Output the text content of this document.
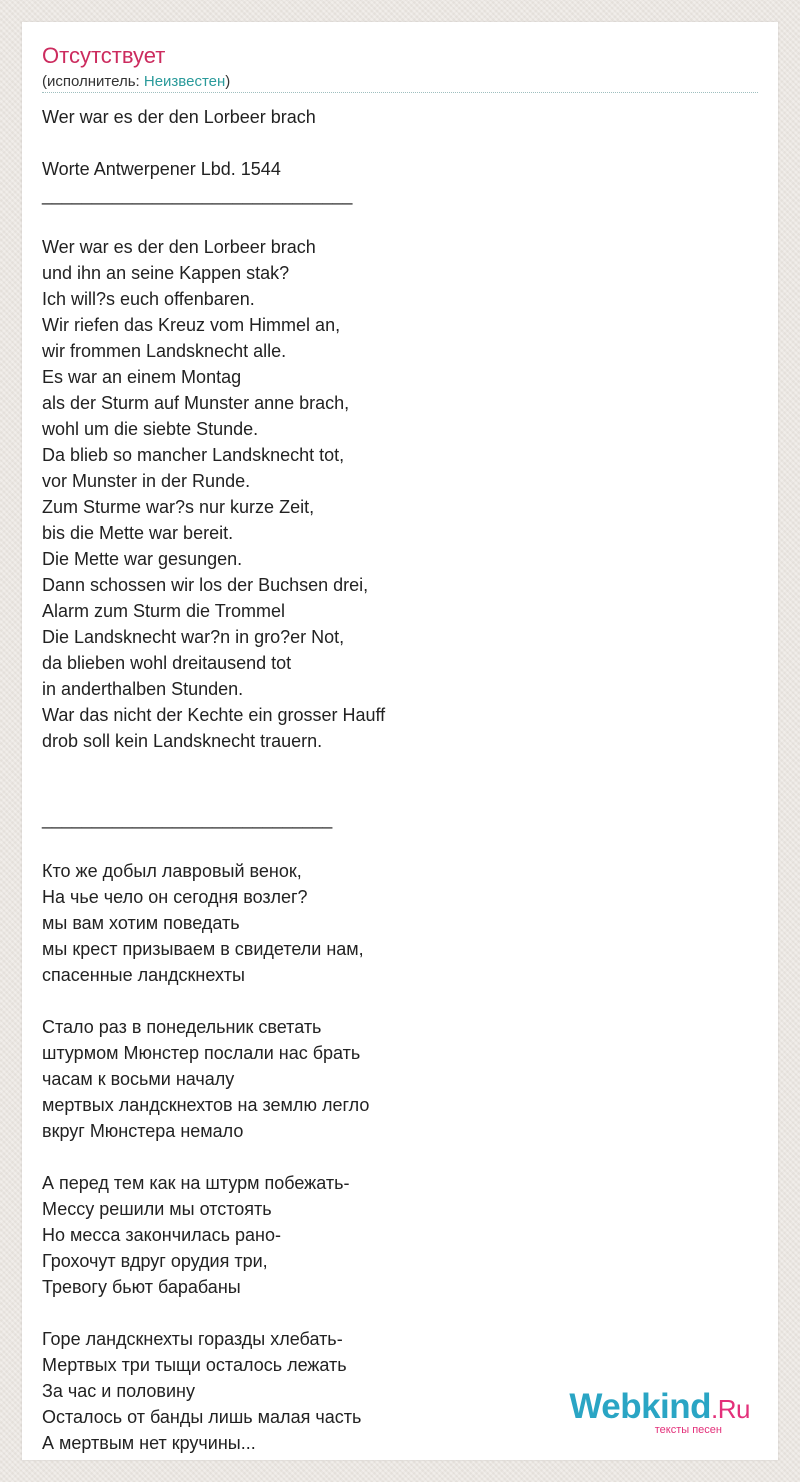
Отсутствует
(исполнитель: Неизвестен)
Wer war es der den Lorbeer brach
Worte Antwerpener Lbd. 1544
_______________________________
Wer war es der den Lorbeer brach
und ihn an seine Kappen stak?
Ich will?s euch offenbaren.
Wir riefen das Kreuz vom Himmel an,
wir frommen Landsknecht alle.
Es war an einem Montag
als der Sturm auf Munster anne brach,
wohl um die siebte Stunde.
Da blieb so mancher Landsknecht tot,
vor Munster in der Runde.
Zum Sturme war?s nur kurze Zeit,
bis die Mette war bereit.
Die Mette war gesungen.
Dann schossen wir los der Buchsen drei,
Alarm zum Sturm die Trommel
Die Landsknecht war?n in gro?er Not,
da blieben wohl dreitausend tot
in anderthalben Stunden.
War das nicht der Kechte ein grosser Hauff
drob soll kein Landsknecht trauern.
_____________________________
Кто же добыл лавровый венок,
На чье чело он сегодня возлег?
мы вам хотим поведать
мы крест призываем в свидетели нам,
спасенные ландскнехты
Стало раз в понедельник светать
штурмом Мюнстер послали нас брать
часам к восьми началу
мертвых ландскнехтов на землю легло
вкруг Мюнстера немало
А перед тем как на штурм побежать-
Мессу решили мы отстоять
Но месса закончилась рано-
Грохочут вдруг орудия три,
Тревогу бьют барабаны
Горе ландскнехты горазды хлебать-
Мертвых три тыщи осталось лежать
За час и половину
Осталось от банды лишь малая часть
А мертвым нет кручины...
Webkind.Ru
тексты песен
